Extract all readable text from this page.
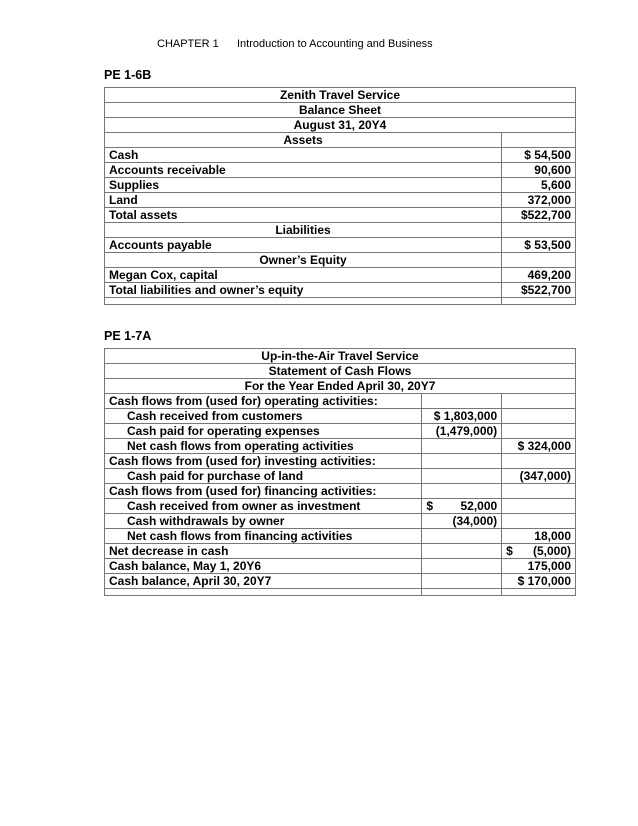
CHAPTER 1 Introduction to Accounting and Business
PE 1-6B
Zenith Travel Service	
Balance Sheet	
August 31, 20Y4	
Assets	
Cash	$ 54,500
Accounts receivable	90,600
Supplies	5,600
Land	372,000
Total assets	$522,700
Liabilities	
Accounts payable	$ 53,500
Owner’s Equity	
Megan Cox, capital	469,200
Total liabilities and owner’s equity	$522,700

PE 1-7A
Up-in-the-Air Travel Service		
Statement of Cash Flows		
For the Year Ended April 30, 20Y7		
Cash flows from (used for) operating activities:		
Cash received from customers	$ 1,803,000	
Cash paid for operating expenses	(1,479,000)	
Net cash flows from operating activities		$ 324,000
Cash flows from (used for) investing activities:		
Cash paid for purchase of land		(347,000)
Cash flows from (used for) financing activities:		
Cash received from owner as investment	$ 52,000	

Cash withdrawals by owner	(34,000)	
Net cash flows from financing activities		18,000
Net decrease in cash		$ (5,000)

Cash balance, May 1, 20Y6		175,000
Cash balance, April 30, 20Y7		$ 170,000
